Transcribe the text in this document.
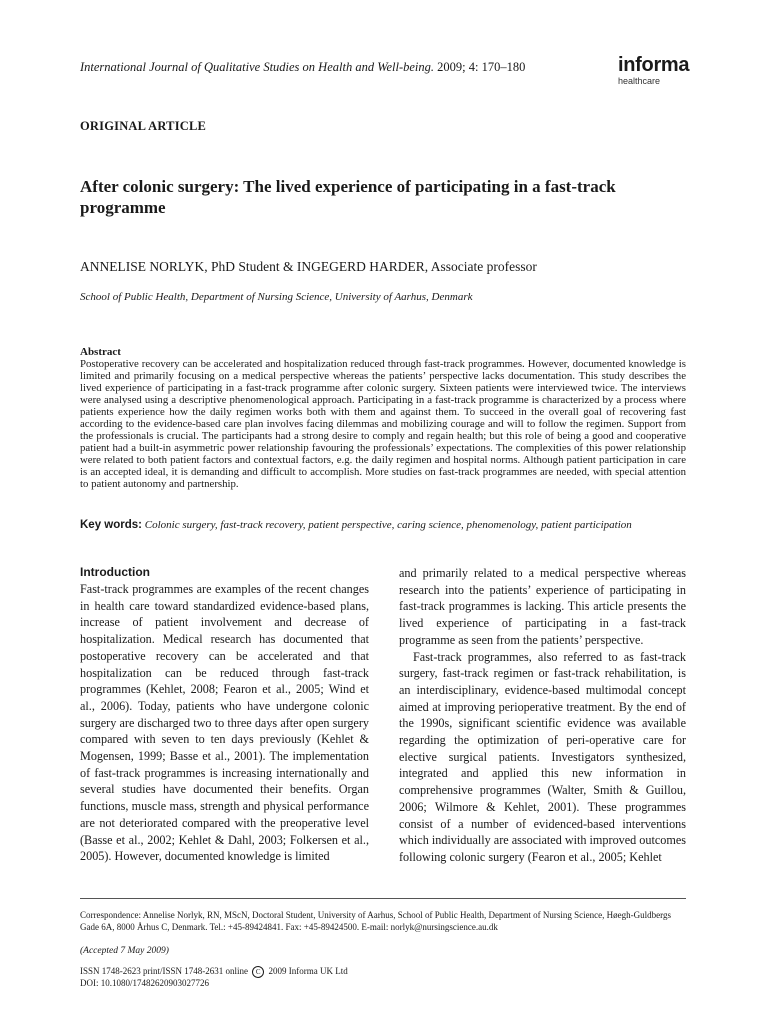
International Journal of Qualitative Studies on Health and Well-being. 2009; 4: 170–180	informa
healthcare
ORIGINAL ARTICLE
After colonic surgery: The lived experience of participating in a fast-track programme
ANNELISE NORLYK, PhD Student & INGEGERD HARDER, Associate professor
School of Public Health, Department of Nursing Science, University of Aarhus, Denmark
Abstract
Postoperative recovery can be accelerated and hospitalization reduced through fast-track programmes. However, documented knowledge is limited and primarily focusing on a medical perspective whereas the patients’ perspective lacks documentation. This study describes the lived experience of participating in a fast-track programme after colonic surgery. Sixteen patients were interviewed twice. The interviews were analysed using a descriptive phenomenological approach. Participating in a fast-track programme is characterized by a process where patients experience how the daily regimen works both with them and against them. To succeed in the overall goal of recovering fast according to the evidence-based care plan involves facing dilemmas and mobilizing courage and will to follow the regimen. Support from the professionals is crucial. The participants had a strong desire to comply and regain health; but this role of being a good and cooperative patient had a built-in asymmetric power relationship favouring the professionals’ expectations. The complexities of this power relationship were related to both patient factors and contextual factors, e.g. the daily regimen and hospital norms. Although patient participation in care is an accepted ideal, it is demanding and difficult to accomplish. More studies on fast-track programmes are needed, with special attention to patient autonomy and partnership.
Key words: Colonic surgery, fast-track recovery, patient perspective, caring science, phenomenology, patient participation
Introduction

Fast-track programmes are examples of the recent changes in health care toward standardized evidence-based plans, increase of patient involvement and decrease of hospitalization. Medical research has documented that postoperative recovery can be accelerated and that hospitalization can be reduced through fast-track programmes (Kehlet, 2008; Fearon et al., 2005; Wind et al., 2006). Today, patients who have undergone colonic surgery are discharged two to three days after open surgery compared with seven to ten days previously (Kehlet & Mogensen, 1999; Basse et al., 2001). The implementation of fast-track programmes is increasing internationally and several studies have documented their benefits. Organ functions, muscle mass, strength and physical performance are not deteriorated compared with the preoperative level (Basse et al., 2002; Kehlet & Dahl, 2003; Folkersen et al., 2005). However, documented knowledge is limited

and primarily related to a medical perspective whereas research into the patients’ experience of participating in fast-track programmes is lacking. This article presents the lived experience of participating in a fast-track programme as seen from the patients’ perspective.

Fast-track programmes, also referred to as fast-track surgery, fast-track regimen or fast-track rehabilitation, is an interdisciplinary, evidence-based multimodal concept aimed at improving perioperative treatment. By the end of the 1990s, significant scientific evidence was available regarding the optimization of peri-operative care for elective surgical patients. Investigators synthesized, integrated and applied this new information in comprehensive programmes (Walter, Smith & Guillou, 2006; Wilmore & Kehlet, 2001). These programmes consist of a number of evidenced-based interventions which individually are associated with improved outcomes following colonic surgery (Fearon et al., 2005; Kehlet

Correspondence: Annelise Norlyk, RN, MScN, Doctoral Student, University of Aarhus, School of Public Health, Department of Nursing Science, Høegh-Guldbergs Gade 6A, 8000 Århus C, Denmark. Tel.: +45-89424841. Fax: +45-89424500. E-mail: norlyk@nursingscience.au.dk
(Accepted 7 May 2009)
ISSN 1748-2623 print/ISSN 1748-2631 online C 2009 Informa UK Ltd
DOI: 10.1080/17482620903027726
